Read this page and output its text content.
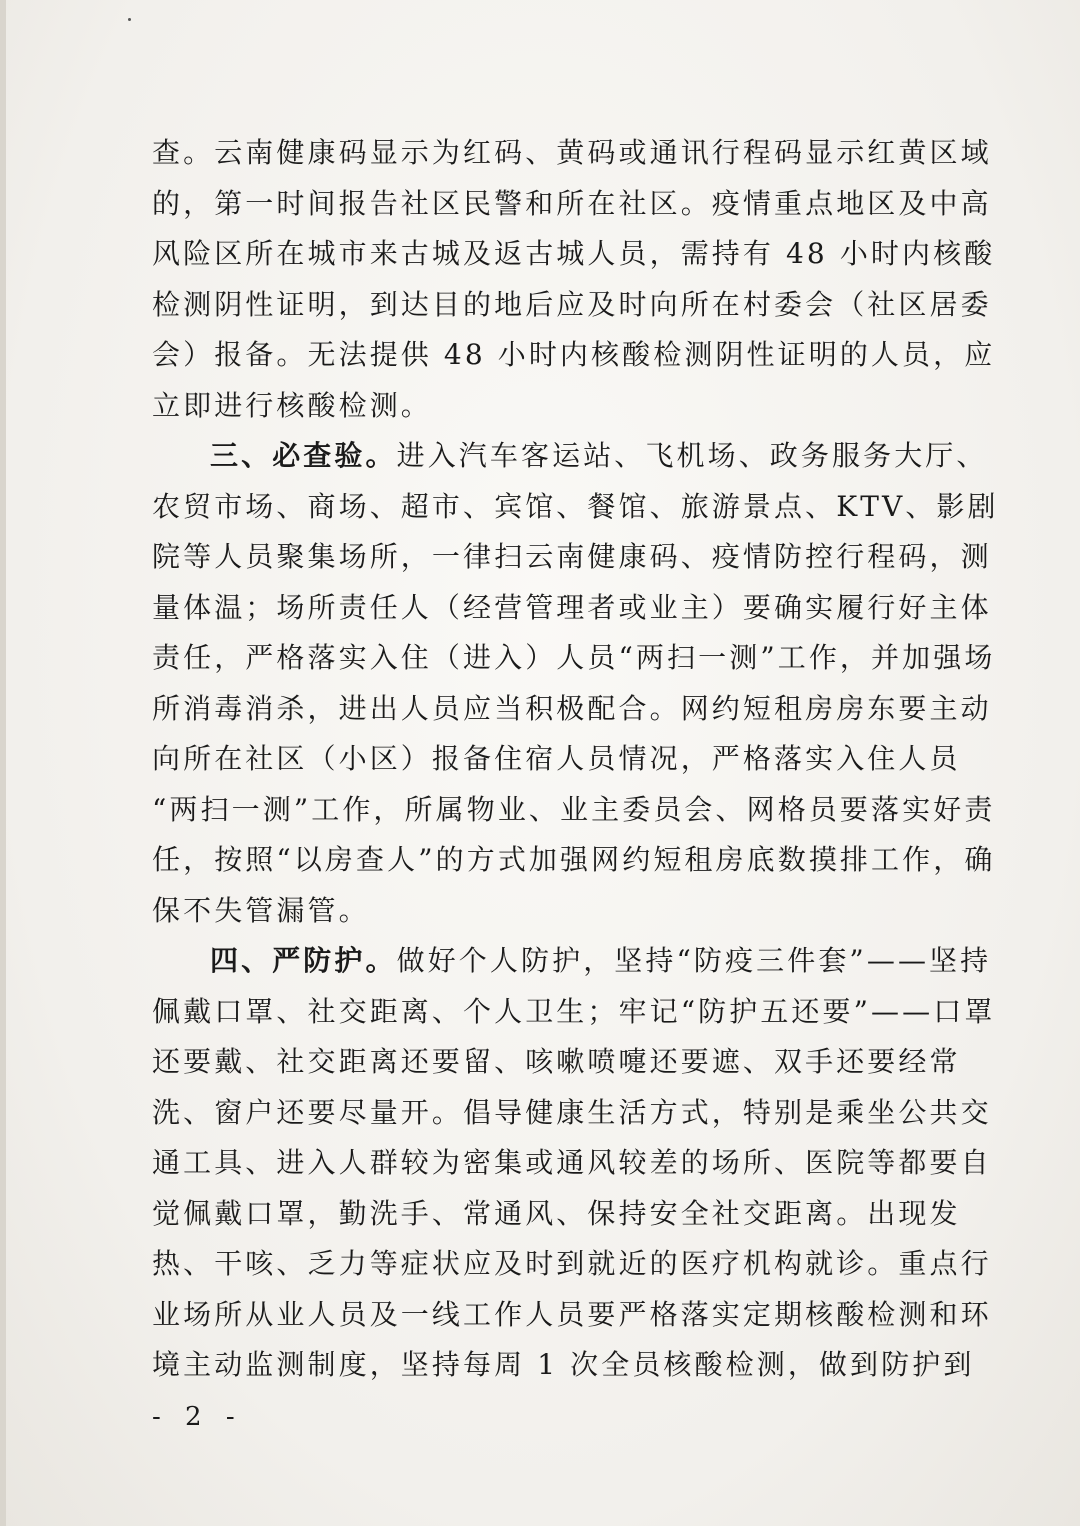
查。云南健康码显示为红码、黄码或通讯行程码显示红黄区域
的，第一时间报告社区民警和所在社区。疫情重点地区及中高
风险区所在城市来古城及返古城人员，需持有 48 小时内核酸
检测阴性证明，到达目的地后应及时向所在村委会（社区居委
会）报备。无法提供 48 小时内核酸检测阴性证明的人员，应
立即进行核酸检测。
三、必查验。进入汽车客运站、飞机场、政务服务大厅、
农贸市场、商场、超市、宾馆、餐馆、旅游景点、KTV、影剧
院等人员聚集场所，一律扫云南健康码、疫情防控行程码，测
量体温；场所责任人（经营管理者或业主）要确实履行好主体
责任，严格落实入住（进入）人员“两扫一测”工作，并加强场
所消毒消杀，进出人员应当积极配合。网约短租房房东要主动
向所在社区（小区）报备住宿人员情况，严格落实入住人员
“两扫一测”工作，所属物业、业主委员会、网格员要落实好责
任，按照“以房查人”的方式加强网约短租房底数摸排工作，确
保不失管漏管。
四、严防护。做好个人防护，坚持“防疫三件套”——坚持
佩戴口罩、社交距离、个人卫生；牢记“防护五还要”——口罩
还要戴、社交距离还要留、咳嗽喷嚏还要遮、双手还要经常
洗、窗户还要尽量开。倡导健康生活方式，特别是乘坐公共交
通工具、进入人群较为密集或通风较差的场所、医院等都要自
觉佩戴口罩，勤洗手、常通风、保持安全社交距离。出现发
热、干咳、乏力等症状应及时到就近的医疗机构就诊。重点行
业场所从业人员及一线工作人员要严格落实定期核酸检测和环
境主动监测制度，坚持每周 1 次全员核酸检测，做到防护到
- 2 -
